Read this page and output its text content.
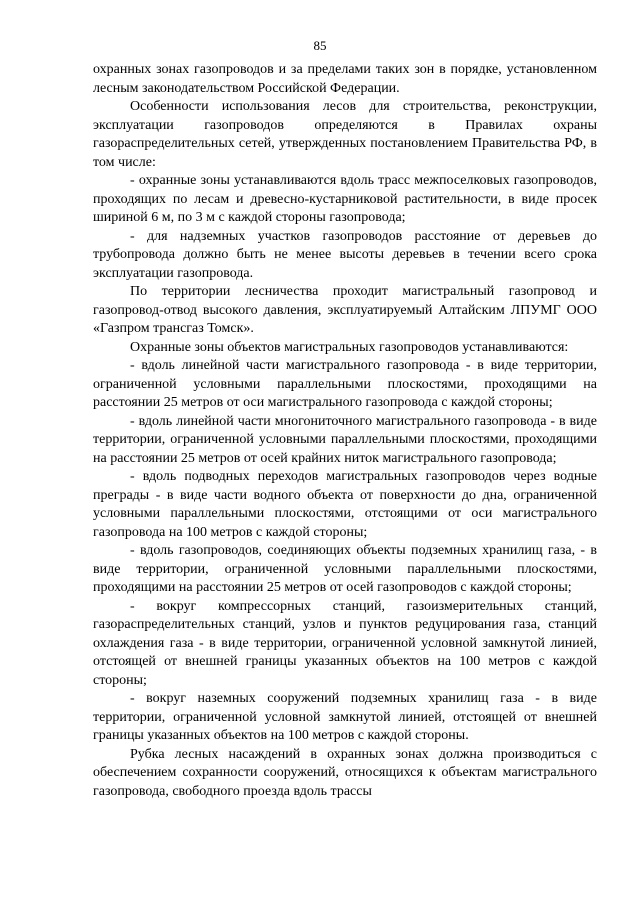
85

охранных зонах газопроводов и за пределами таких зон в порядке, установленном лесным законодательством Российской Федерации.

Особенности использования лесов для строительства, реконструкции, эксплуатации газопроводов определяются в Правилах охраны газораспределительных сетей, утвержденных постановлением Правительства РФ, в том числе:

- охранные зоны устанавливаются вдоль трасс межпоселковых газопроводов, проходящих по лесам и древесно-кустарниковой растительности, в виде просек шириной 6 м, по 3 м с каждой стороны газопровода;

- для надземных участков газопроводов расстояние от деревьев до трубопровода должно быть не менее высоты деревьев в течении всего срока эксплуатации газопровода.

По территории лесничества проходит магистральный газопровод и газопровод-отвод высокого давления, эксплуатируемый Алтайским ЛПУМГ ООО «Газпром трансгаз Томск».

Охранные зоны объектов магистральных газопроводов устанавливаются:

- вдоль линейной части магистрального газопровода - в виде территории, ограниченной условными параллельными плоскостями, проходящими на расстоянии 25 метров от оси магистрального газопровода с каждой стороны;

- вдоль линейной части многониточного магистрального газопровода - в виде территории, ограниченной условными параллельными плоскостями, проходящими на расстоянии 25 метров от осей крайних ниток магистрального газопровода;

- вдоль подводных переходов магистральных газопроводов через водные преграды - в виде части водного объекта от поверхности до дна, ограниченной условными параллельными плоскостями, отстоящими от оси магистрального газопровода на 100 метров с каждой стороны;

- вдоль газопроводов, соединяющих объекты подземных хранилищ газа, - в виде территории, ограниченной условными параллельными плоскостями, проходящими на расстоянии 25 метров от осей газопроводов с каждой стороны;

- вокруг компрессорных станций, газоизмерительных станций, газораспределительных станций, узлов и пунктов редуцирования газа, станций охлаждения газа - в виде территории, ограниченной условной замкнутой линией, отстоящей от внешней границы указанных объектов на 100 метров с каждой стороны;

- вокруг наземных сооружений подземных хранилищ газа - в виде территории, ограниченной условной замкнутой линией, отстоящей от внешней границы указанных объектов на 100 метров с каждой стороны.

Рубка лесных насаждений в охранных зонах должна производиться с обеспечением сохранности сооружений, относящихся к объектам магистрального газопровода, свободного проезда вдоль трассы
